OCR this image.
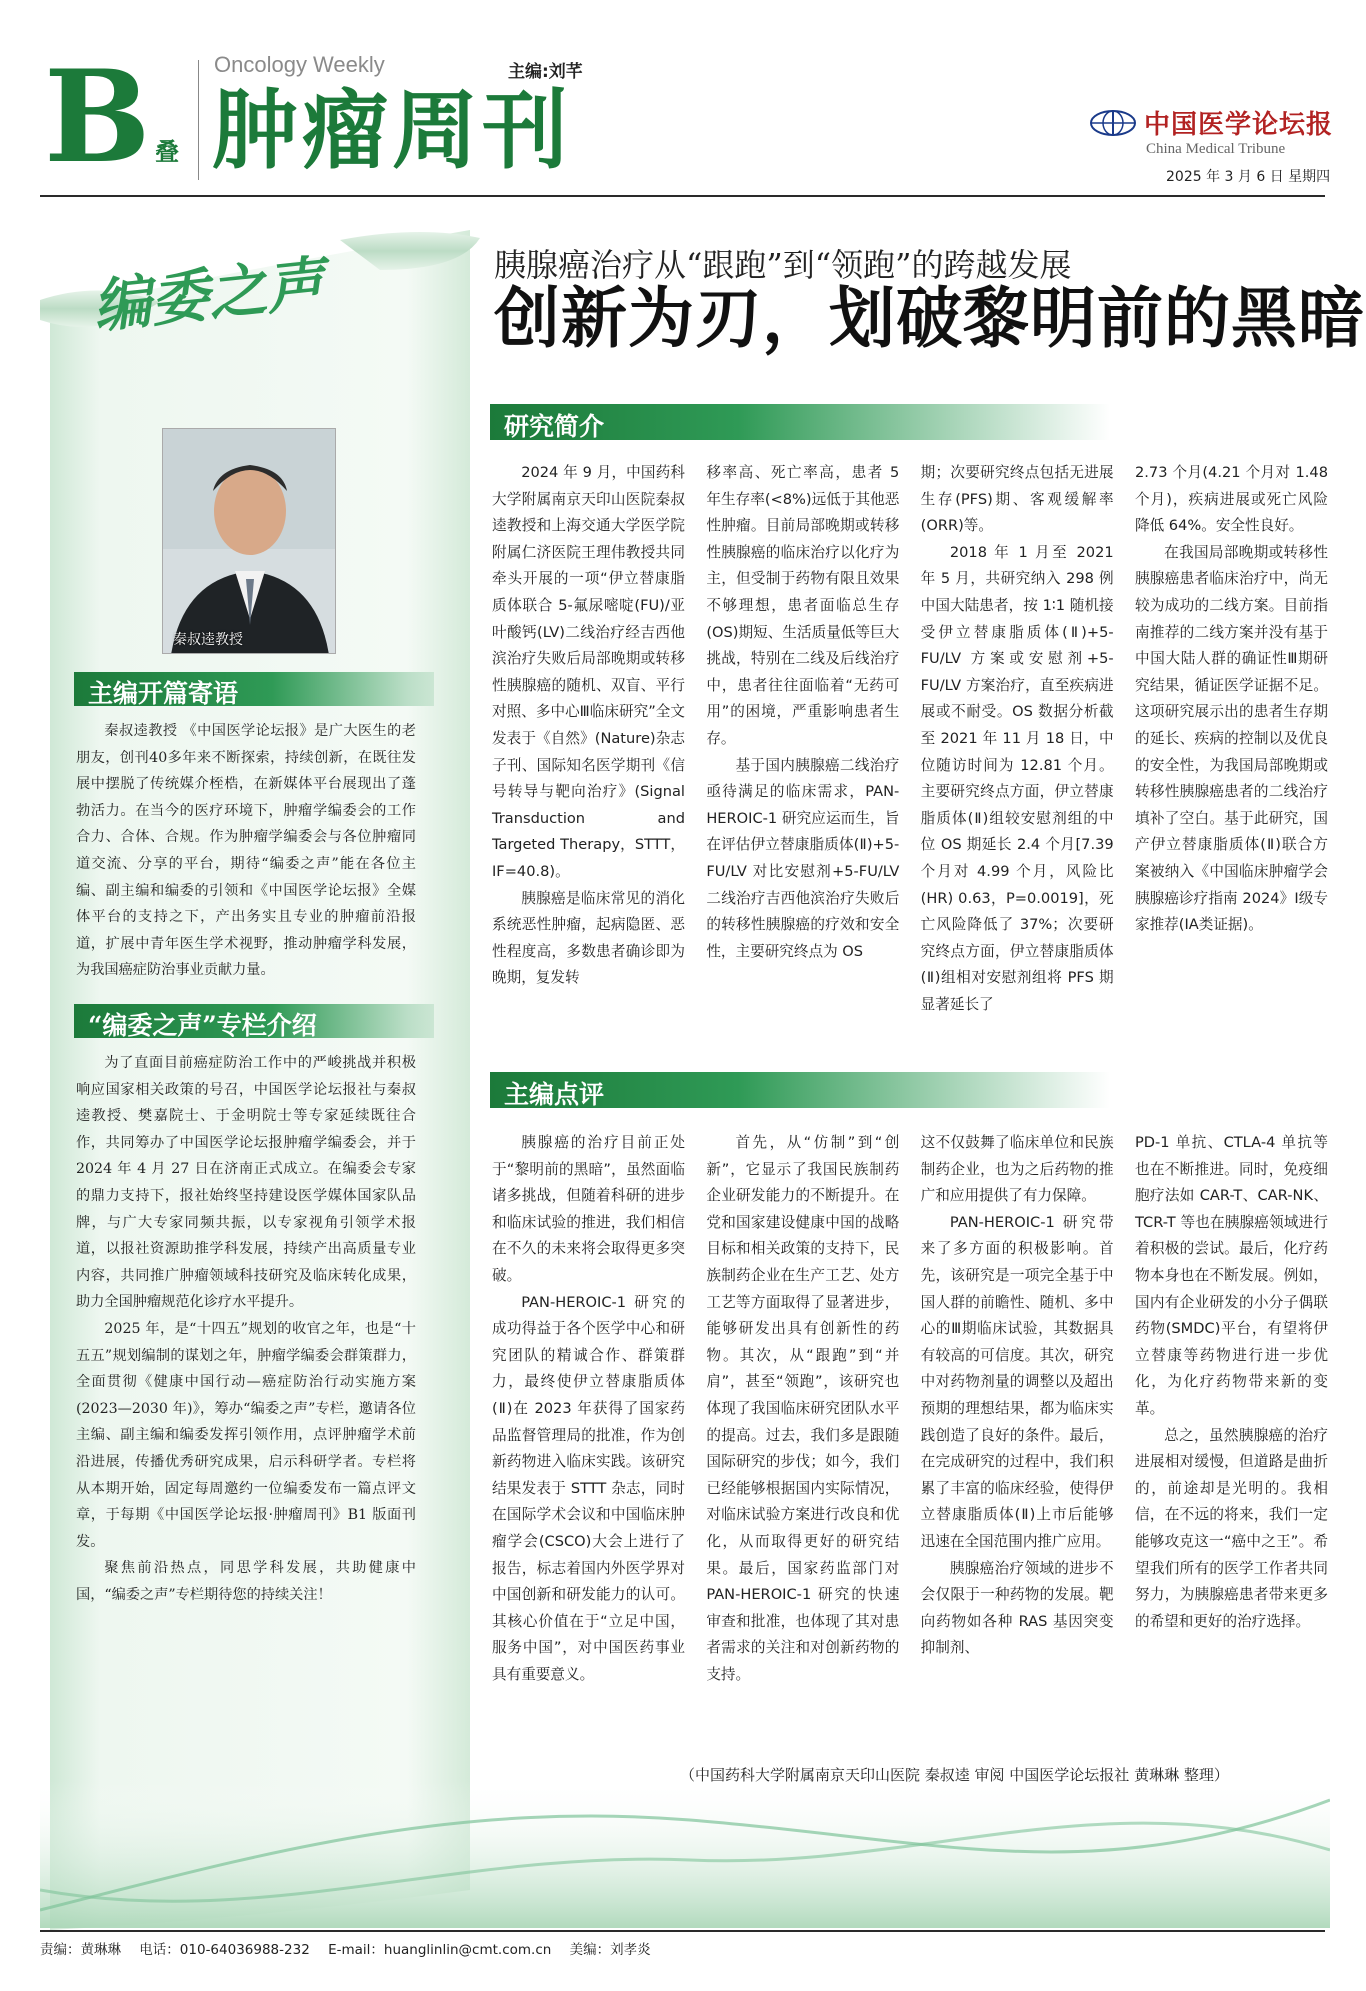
B 叠
Oncology Weekly
肿瘤周刊
主编:刘芊
中国医学论坛报
China Medical Tribune
2025 年 3 月 6 日 星期四
编委之声
秦叔逵教授
主编开篇寄语

秦叔逵教授 《中国医学论坛报》是广大医生的老朋友，创刊40多年来不断探索，持续创新，在既往发展中摆脱了传统媒介桎梏，在新媒体平台展现出了蓬勃活力。在当今的医疗环境下，肿瘤学编委会的工作合力、合体、合规。作为肿瘤学编委会与各位肿瘤同道交流、分享的平台，期待“编委之声”能在各位主编、副主编和编委的引领和《中国医学论坛报》全媒体平台的支持之下，产出务实且专业的肿瘤前沿报道，扩展中青年医生学术视野，推动肿瘤学科发展，为我国癌症防治事业贡献力量。

“编委之声”专栏介绍

为了直面目前癌症防治工作中的严峻挑战并积极响应国家相关政策的号召，中国医学论坛报社与秦叔逵教授、樊嘉院士、于金明院士等专家延续既往合作，共同筹办了中国医学论坛报肿瘤学编委会，并于 2024 年 4 月 27 日在济南正式成立。在编委会专家的鼎力支持下，报社始终坚持建设医学媒体国家队品牌，与广大专家同频共振，以专家视角引领学术报道，以报社资源助推学科发展，持续产出高质量专业内容，共同推广肿瘤领域科技研究及临床转化成果，助力全国肿瘤规范化诊疗水平提升。

2025 年，是“十四五”规划的收官之年，也是“十五五”规划编制的谋划之年，肿瘤学编委会群策群力，全面贯彻《健康中国行动—癌症防治行动实施方案(2023—2030 年)》，筹办“编委之声”专栏，邀请各位主编、副主编和编委发挥引领作用，点评肿瘤学术前沿进展，传播优秀研究成果，启示科研学者。专栏将从本期开始，固定每周邀约一位编委发布一篇点评文章，于每期《中国医学论坛报·肿瘤周刊》B1 版面刊发。

聚焦前沿热点，同思学科发展，共助健康中国，“编委之声”专栏期待您的持续关注！

胰腺癌治疗从“跟跑”到“领跑”的跨越发展
创新为刃，划破黎明前的黑暗
研究简介

2024 年 9 月，中国药科大学附属南京天印山医院秦叔逵教授和上海交通大学医学院附属仁济医院王理伟教授共同牵头开展的一项“伊立替康脂质体联合 5-氟尿嘧啶(FU)/亚叶酸钙(LV)二线治疗经吉西他滨治疗失败后局部晚期或转移性胰腺癌的随机、双盲、平行对照、多中心Ⅲ临床研究”全文发表于《自然》(Nature)杂志子刊、国际知名医学期刊《信号转导与靶向治疗》(Signal Transduction and Targeted Therapy，STTT，IF=40.8)。

胰腺癌是临床常见的消化系统恶性肿瘤，起病隐匿、恶性程度高，多数患者确诊即为晚期，复发转

移率高、死亡率高，患者 5 年生存率(<8%)远低于其他恶性肿瘤。目前局部晚期或转移性胰腺癌的临床治疗以化疗为主，但受制于药物有限且效果不够理想，患者面临总生存(OS)期短、生活质量低等巨大挑战，特别在二线及后线治疗中，患者往往面临着“无药可用”的困境，严重影响患者生存。

基于国内胰腺癌二线治疗亟待满足的临床需求，PAN-HEROIC-1 研究应运而生，旨在评估伊立替康脂质体(Ⅱ)+5-FU/LV 对比安慰剂+5-FU/LV 二线治疗吉西他滨治疗失败后的转移性胰腺癌的疗效和安全性，主要研究终点为 OS

期；次要研究终点包括无进展生存(PFS)期、客观缓解率(ORR)等。

2018 年 1 月至 2021 年 5 月，共研究纳入 298 例中国大陆患者，按 1∶1 随机接受伊立替康脂质体(Ⅱ)+5-FU/LV 方案或安慰剂+5-FU/LV 方案治疗，直至疾病进展或不耐受。OS 数据分析截至 2021 年 11 月 18 日，中位随访时间为 12.81 个月。主要研究终点方面，伊立替康脂质体(Ⅱ)组较安慰剂组的中位 OS 期延长 2.4 个月[7.39 个月对 4.99 个月，风险比(HR) 0.63，P=0.0019]，死亡风险降低了 37%；次要研究终点方面，伊立替康脂质体(Ⅱ)组相对安慰剂组将 PFS 期显著延长了

2.73 个月(4.21 个月对 1.48 个月)，疾病进展或死亡风险降低 64%。安全性良好。

在我国局部晚期或转移性胰腺癌患者临床治疗中，尚无较为成功的二线方案。目前指南推荐的二线方案并没有基于中国大陆人群的确证性Ⅲ期研究结果，循证医学证据不足。这项研究展示出的患者生存期的延长、疾病的控制以及优良的安全性，为我国局部晚期或转移性胰腺癌患者的二线治疗填补了空白。基于此研究，国产伊立替康脂质体(Ⅱ)联合方案被纳入《中国临床肿瘤学会胰腺癌诊疗指南 2024》Ⅰ级专家推荐(ⅠA类证据)。

主编点评

胰腺癌的治疗目前正处于“黎明前的黑暗”，虽然面临诸多挑战，但随着科研的进步和临床试验的推进，我们相信在不久的未来将会取得更多突破。

PAN-HEROIC-1 研究的成功得益于各个医学中心和研究团队的精诚合作、群策群力，最终使伊立替康脂质体(Ⅱ)在 2023 年获得了国家药品监督管理局的批准，作为创新药物进入临床实践。该研究结果发表于 STTT 杂志，同时在国际学术会议和中国临床肿瘤学会(CSCO)大会上进行了报告，标志着国内外医学界对中国创新和研发能力的认可。其核心价值在于“立足中国，服务中国”，对中国医药事业具有重要意义。

首先，从“仿制”到“创新”，它显示了我国民族制药企业研发能力的不断提升。在党和国家建设健康中国的战略目标和相关政策的支持下，民族制药企业在生产工艺、处方工艺等方面取得了显著进步，能够研发出具有创新性的药物。其次，从“跟跑”到“并肩”，甚至“领跑”，该研究也体现了我国临床研究团队水平的提高。过去，我们多是跟随国际研究的步伐；如今，我们已经能够根据国内实际情况，对临床试验方案进行改良和优化，从而取得更好的研究结果。最后，国家药监部门对 PAN-HEROIC-1 研究的快速审查和批准，也体现了其对患者需求的关注和对创新药物的支持。

这不仅鼓舞了临床单位和民族制药企业，也为之后药物的推广和应用提供了有力保障。

PAN-HEROIC-1 研究带来了多方面的积极影响。首先，该研究是一项完全基于中国人群的前瞻性、随机、多中心的Ⅲ期临床试验，其数据具有较高的可信度。其次，研究中对药物剂量的调整以及超出预期的理想结果，都为临床实践创造了良好的条件。最后，在完成研究的过程中，我们积累了丰富的临床经验，使得伊立替康脂质体(Ⅱ)上市后能够迅速在全国范围内推广应用。

胰腺癌治疗领域的进步不会仅限于一种药物的发展。靶向药物如各种 RAS 基因突变抑制剂、

PD-1 单抗、CTLA-4 单抗等也在不断推进。同时，免疫细胞疗法如 CAR-T、CAR-NK、TCR-T 等也在胰腺癌领域进行着积极的尝试。最后，化疗药物本身也在不断发展。例如，国内有企业研发的小分子偶联药物(SMDC)平台，有望将伊立替康等药物进行进一步优化，为化疗药物带来新的变革。

总之，虽然胰腺癌的治疗进展相对缓慢，但道路是曲折的，前途却是光明的。我相信，在不远的将来，我们一定能够攻克这一“癌中之王”。希望我们所有的医学工作者共同努力，为胰腺癌患者带来更多的希望和更好的治疗选择。

（中国药科大学附属南京天印山医院 秦叔逵 审阅 中国医学论坛报社 黄琳琳 整理）
责编：黄琳琳 电话：010-64036988-232 E-mail：huanglinlin@cmt.com.cn 美编：刘孝炎
